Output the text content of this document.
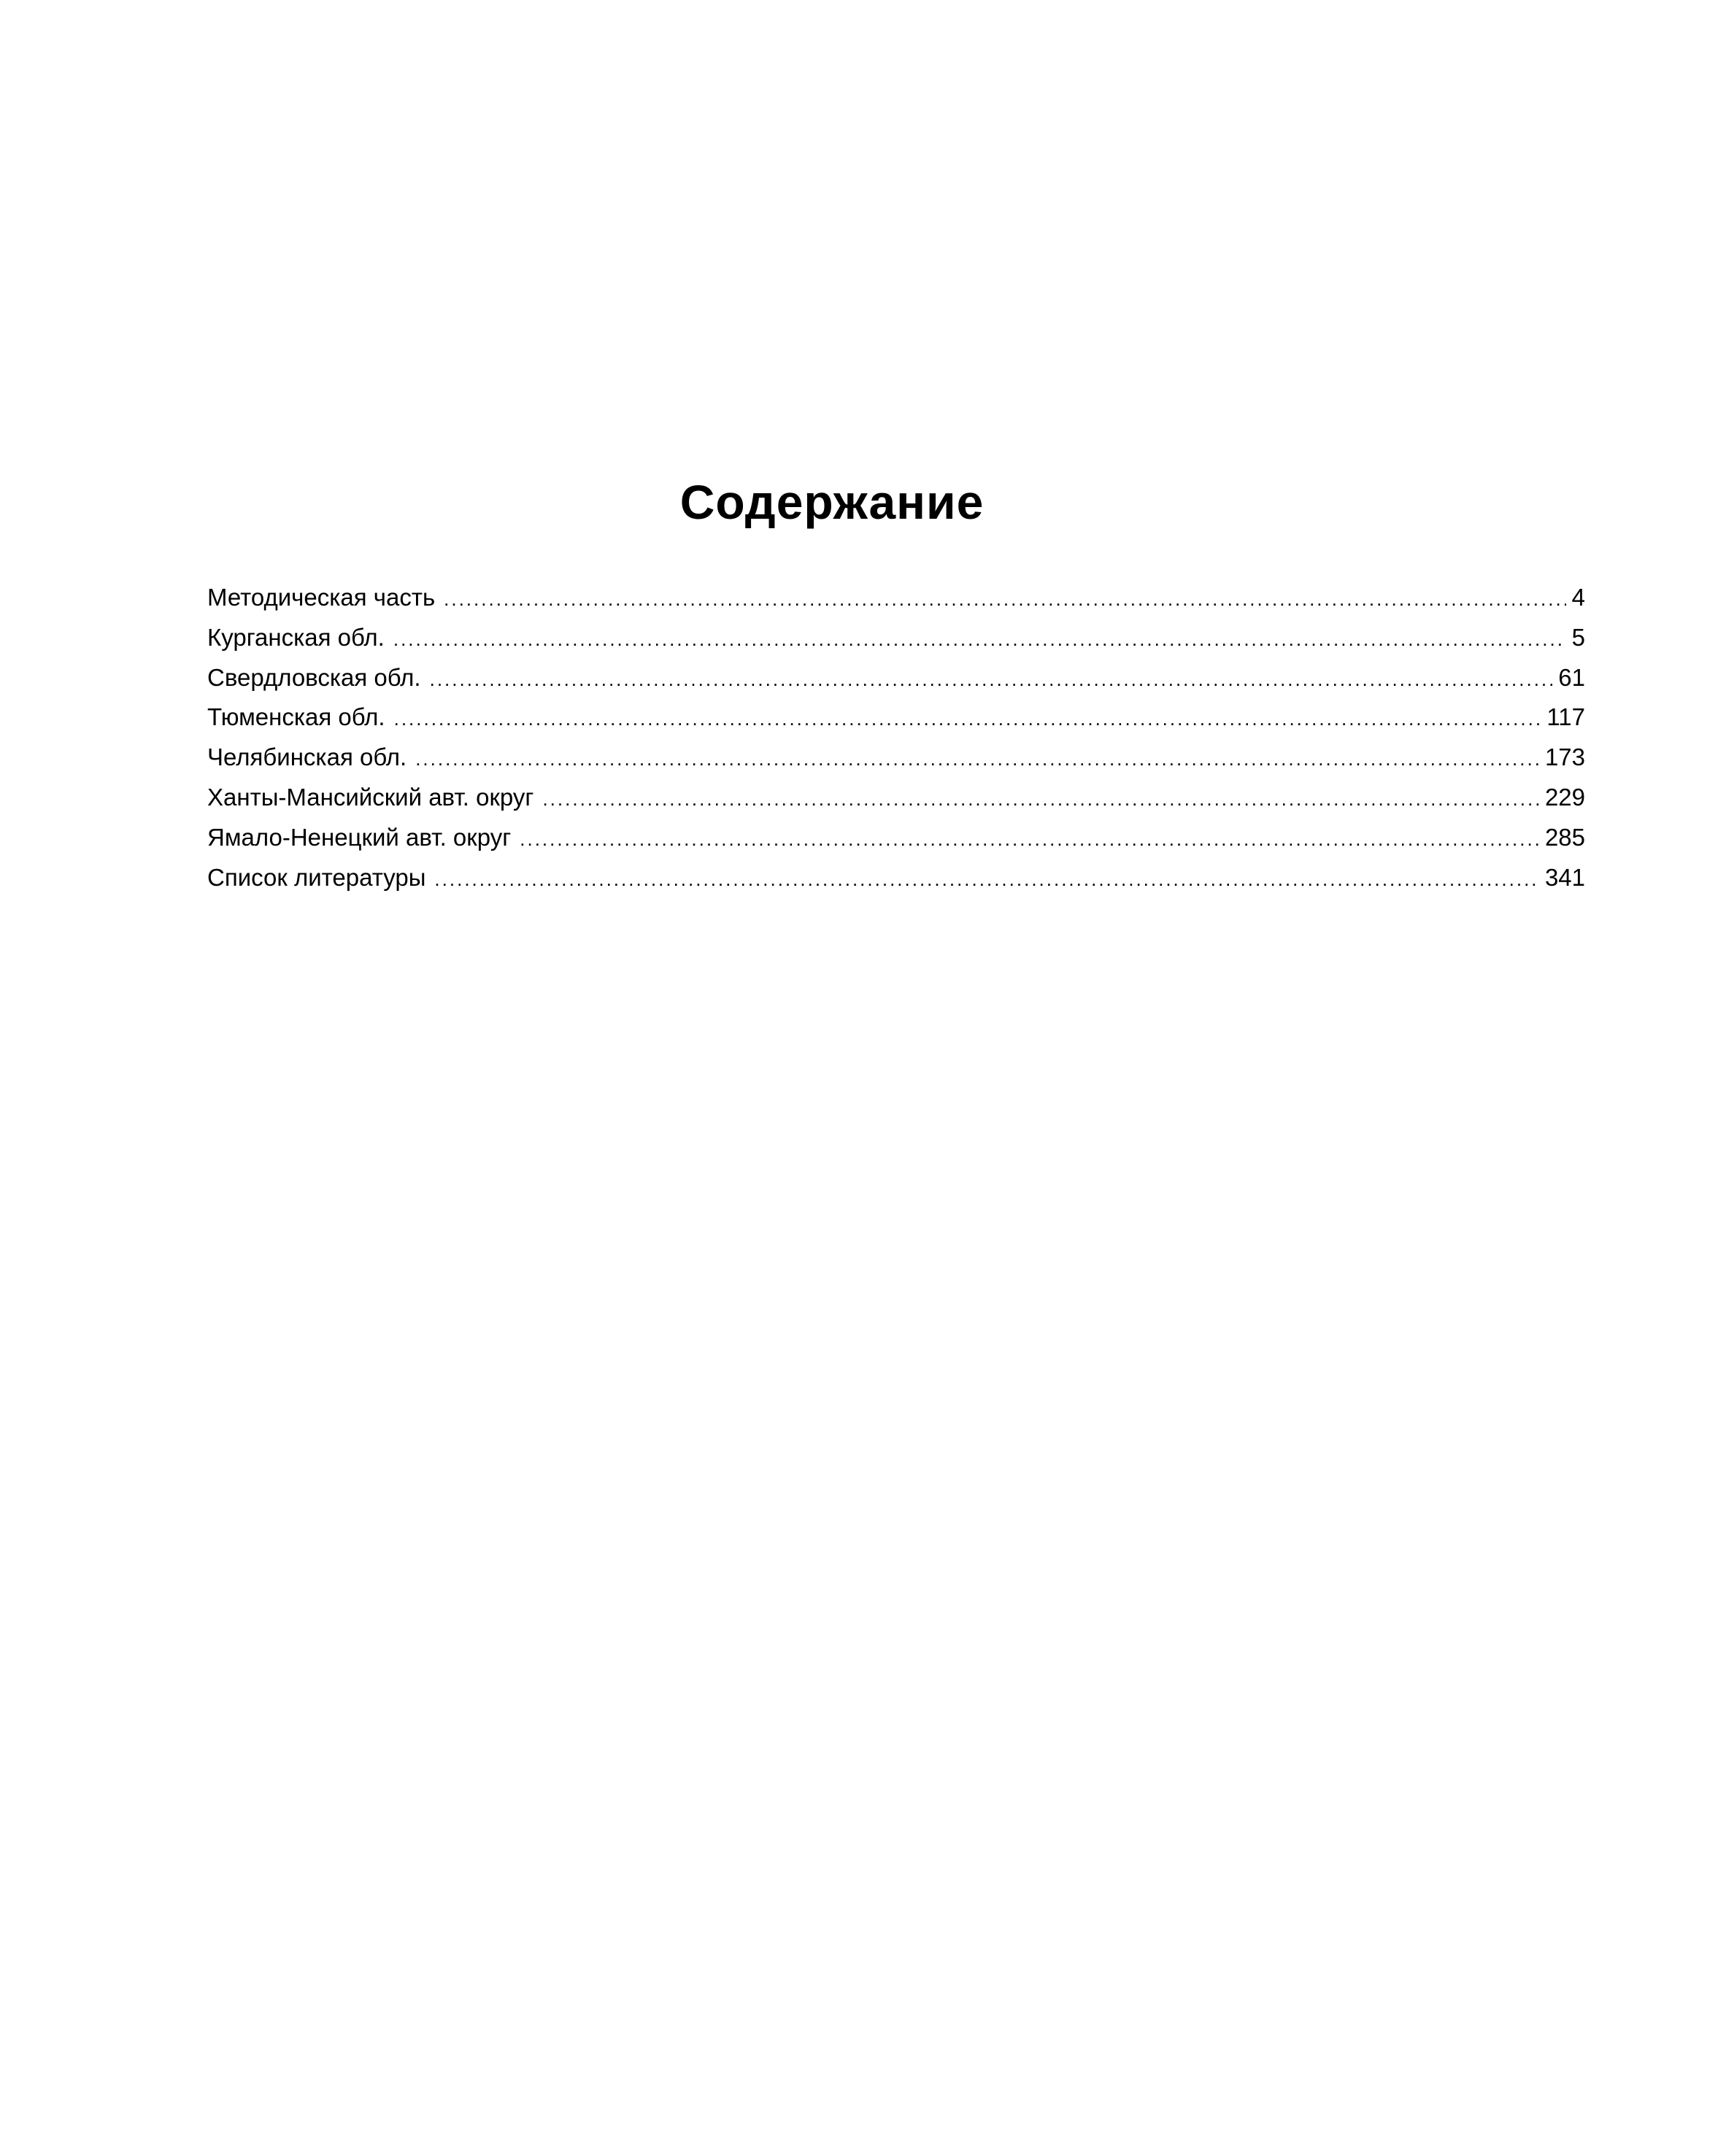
Содержание
Методическая часть .....	4
Курганская обл. .....	5
Свердловская обл. .....	61
Тюменская обл. .....	117
Челябинская обл. .....	173
Ханты-Мансийский авт. округ .....	229
Ямало-Ненецкий авт. округ .....	285
Список литературы .....	341
